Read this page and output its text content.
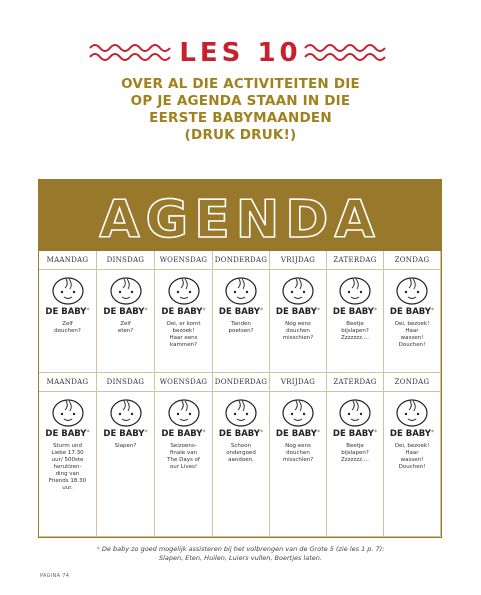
LES 10
OVER AL DIE ACTIVITEITEN DIE
OP JE AGENDA STAAN IN DIE
EERSTE BABYMAANDEN
(DRUK DRUK!)
AGENDA
MAANDAG	DINSDAG	WOENSDAG	DONDERDAG	VRIJDAG	ZATERDAG	ZONDAG
DE BABY*
Zelf
douchen?
DE BABY*
Zelf
eten?
DE BABY*
Oei, er komt
bezoek!
Haar eens
kammen?
DE BABY*
Tanden
poetsen?
DE BABY*
Nog eens
douchen
misschien?
DE BABY*
Beetje
bijslapen?
Zzzzzzz....
DE BABY*
Oei, bezoek!
Haar
wassen!
Douchen!
MAANDAG	DINSDAG	WOENSDAG	DONDERDAG	VRIJDAG	ZATERDAG	ZONDAG
DE BABY*
Sturm und
Liebe 17.30
uur/ 500ste
herutizen-
ding van
Friends 18.30
uur.
DE BABY*
Slapen?
DE BABY*
Seizoens-
finale van
The Days of
our Lives!
DE BABY*
Schoon
ondergoed
aandoen.
DE BABY*
Nog eens
douchen
misschien?
DE BABY*
Beetje
bijslapen?
Zzzzzzz....
DE BABY*
Oei, bezoek!
Haar
wassen!
Douchen!
* De baby zo goed mogelijk assisteren bij het volbrengen van de Grote 5 (zie les 1 p. 7):
Slapen, Eten, Huilen, Luiers vullen, Boertjes laten.
PAGINA 74
